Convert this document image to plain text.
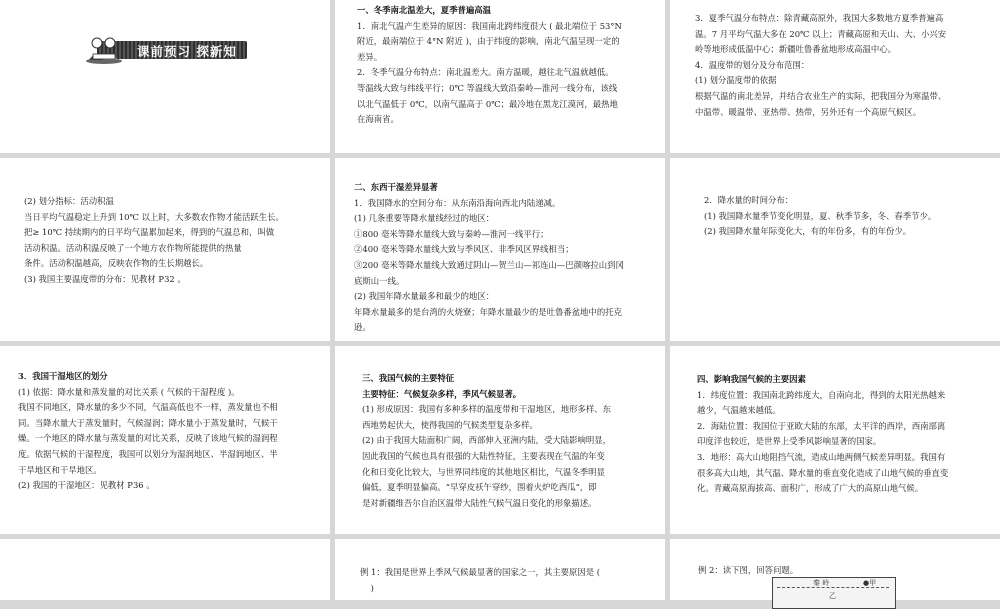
课前预习 探新知

一、冬季南北温差大，夏季普遍高温

1．南北气温产生差异的原因：我国南北跨纬度很大 ( 最北端位于 53°N

附近，最南端位于 4°N 附近 )，由于纬度的影响，南北气温呈现一定的

差异。

2．冬季气温分布特点：南北温差大。南方温暖，越往北气温就越低。

等温线大致与纬线平行；0℃ 等温线大致沿秦岭—淮河一线分布，该线

以北气温低于 0℃，以南气温高于 0℃；最冷地在黑龙江漠河，最热地

在海南省。

3．夏季气温分布特点：除青藏高原外，我国大多数地方夏季普遍高

温。7 月平均气温大多在 20℃ 以上；青藏高原和天山、大、小兴安

岭等地形成低温中心；新疆吐鲁番盆地形成高温中心。

4．温度带的划分及分布范围：

(1) 划分温度带的依据

根据气温的南北差异，并结合农业生产的实际，把我国分为寒温带、

中温带、暖温带、亚热带、热带，另外还有一个高原气候区。

(2) 划分指标：活动积温

当日平均气温稳定上升到 10℃ 以上时，大多数农作物才能活跃生长。

把≥ 10℃ 持续期内的日平均气温累加起来，得到的气温总和，叫做

活动积温。活动积温反映了一个地方农作物所能提供的热量

条件。活动积温越高，反映农作物的生长期越长。

(3) 我国主要温度带的分布：见教材 P32 。

二、东西干湿差异显著

1．我国降水的空间分布：从东南沿海向西北内陆递减。

(1) 几条重要等降水量线经过的地区：

①800 毫米等降水量线大致与秦岭—淮河一线平行；

②400 毫米等降水量线大致与季风区、非季风区界线相当；

③200 毫米等降水量线大致通过阴山—贺兰山—祁连山—巴颜喀拉山到冈

底斯山一线。

(2) 我国年降水量最多和最少的地区：

年降水量最多的是台湾的火烧寮；年降水量最少的是吐鲁番盆地中的托克

逊。

2．降水量的时间分布：

(1) 我国降水量季节变化明显，夏、秋季节多，冬、春季节少。

(2) 我国降水量年际变化大，有的年份多，有的年份少。

3．我国干湿地区的划分

(1) 依据：降水量和蒸发量的对比关系 ( 气候的干湿程度 )。

我国不同地区，降水量的多少不同，气温高低也不一样，蒸发量也不相

同。当降水量大于蒸发量时，气候湿润；降水量小于蒸发量时，气候干

燥。一个地区的降水量与蒸发量的对比关系，反映了该地气候的湿润程

度。依据气候的干湿程度，我国可以划分为湿润地区、半湿润地区、半

干旱地区和干旱地区。

(2) 我国的干湿地区：见教材 P36 。

三、我国气候的主要特征

主要特征：气候复杂多样，季风气候显著。

(1) 形成原因：我国有多种多样的温度带和干湿地区，地形多样、东

西地势起伏大，使得我国的气候类型复杂多样。

(2) 由于我国大陆面积广阔，西部伸入亚洲内陆，受大陆影响明显，

因此我国的气候也具有很强的大陆性特征，主要表现在气温的年变

化和日变化比较大，与世界同纬度的其他地区相比，气温冬季明显

偏低，夏季明显偏高。“早穿皮袄午穿纱，围着火炉吃西瓜”，即

是对新疆维吾尔自治区温带大陆性气候气温日变化的形象描述。

四、影响我国气候的主要因素

1．纬度位置：我国南北跨纬度大，自南向北，得到的太阳光热越来

越少，气温越来越低。

2．海陆位置：我国位于亚欧大陆的东部，太平洋的西岸，西南部离

印度洋也较近，是世界上受季风影响显著的国家。

3．地形：高大山地阻挡气流，造成山地两侧气候差异明显。我国有

很多高大山地，其气温、降水量的垂直变化造成了山地气候的垂直变

化。青藏高原海拔高、面积广，形成了广大的高原山地气候。

例 1：我国是世界上季风气候最显著的国家之一，其主要原因是 (

)

例 2：读下图，回答问题。

秦 岭	●甲
乙
